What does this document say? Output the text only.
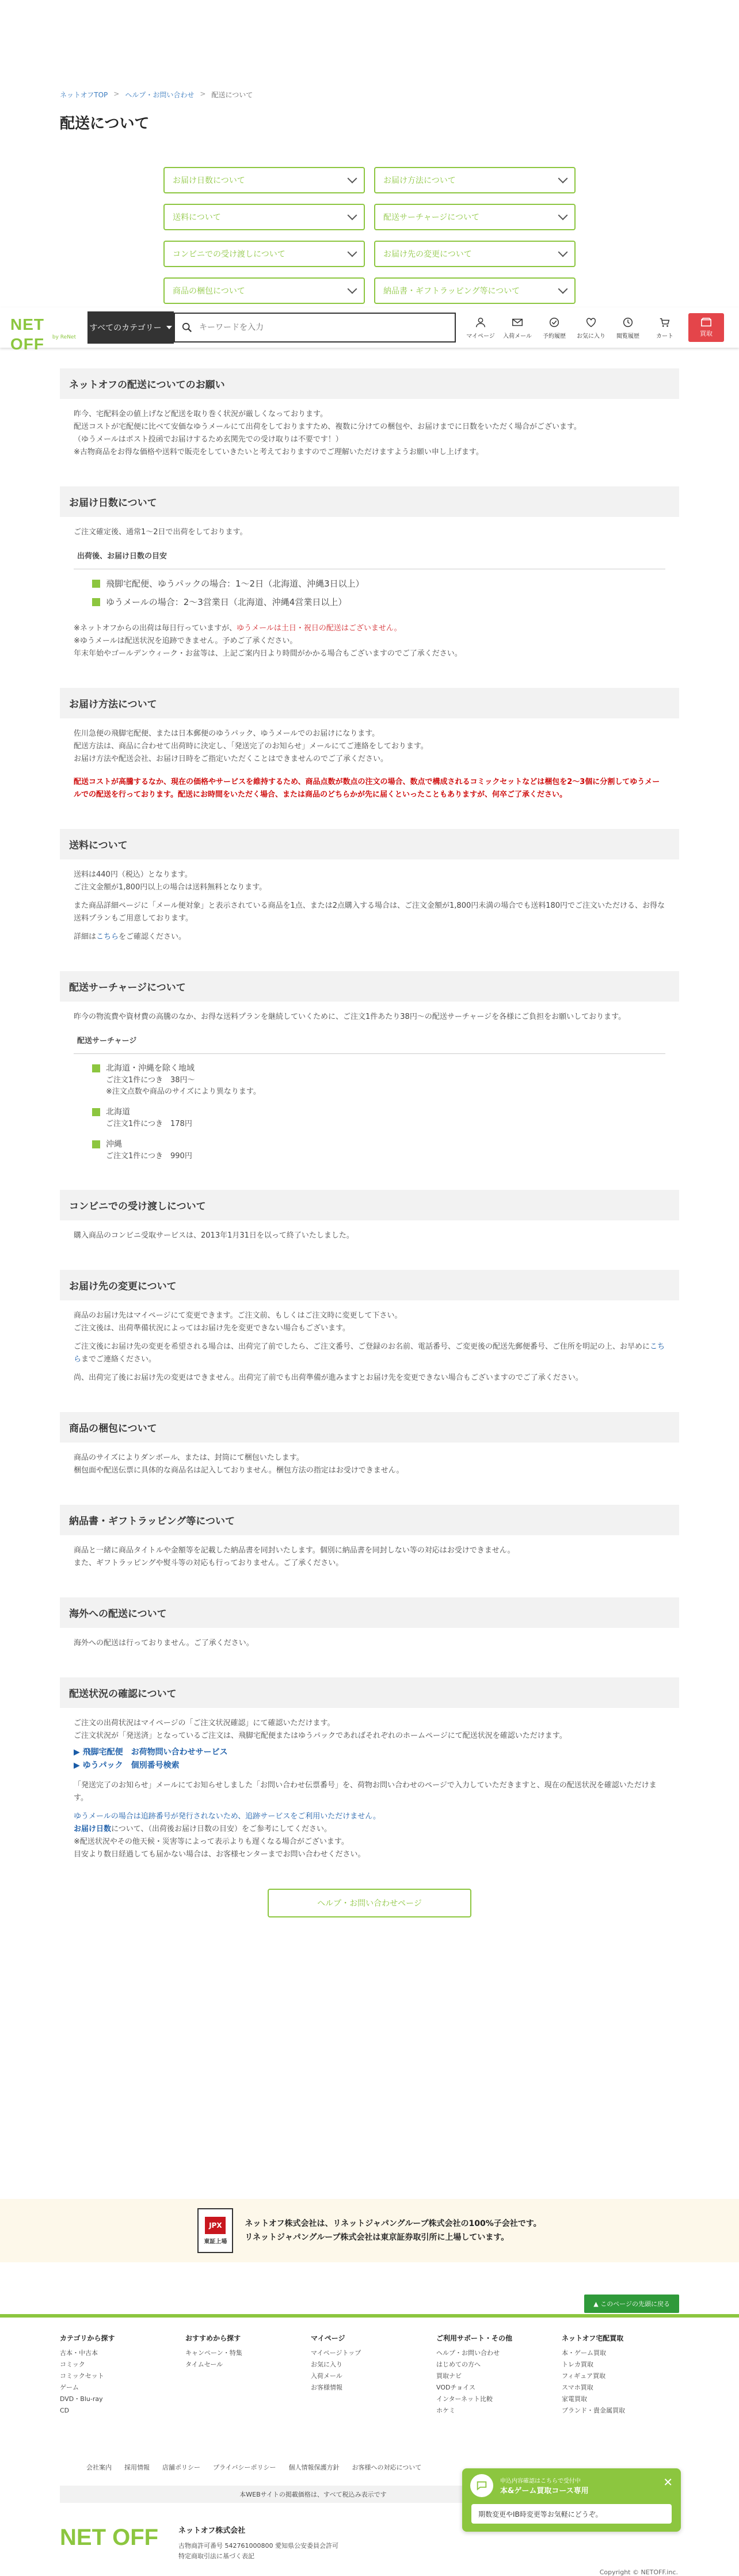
ネットオフTOP > ヘルプ・お問い合わせ > 配送について
配送について
お届け日数について	お届け方法について
送料について	配送サーチャージについて
コンビニでの受け渡しについて	お届け先の変更について
商品の梱包について	納品書・ギフトラッピング等について
NET OFF	by ReNet
すべてのカテゴリー
キーワードを入力
マイページ 入荷メール 予約履歴 お気に入り 閲覧履歴	カート	買取
ネットオフの配送についてのお願い
昨今、宅配料金の値上げなど配送を取り巻く状況が厳しくなっております。
配送コストが宅配便に比べて安価なゆうメールにて出荷をしておりますため、複数に分けての梱包や、お届けまでに日数をいただく場合がございます。
（ゆうメールはポスト投函でお届けするため玄関先での受け取りは不要です！）
※古物商品をお得な価格や送料で販売をしていきたいと考えておりますのでご理解いただけますようお願い申し上げます。
お届け日数について
ご注文確定後、通常1〜2日で出荷をしております。
出荷後、お届け日数の目安
飛脚宅配便、ゆうパックの場合：1〜2日（北海道、沖縄3日以上）
ゆうメールの場合：2〜3営業日（北海道、沖縄4営業日以上）
※ネットオフからの出荷は毎日行っていますが、ゆうメールは土日・祝日の配送はございません。
※ゆうメールは配送状況を追跡できません。予めご了承ください。
年末年始やゴールデンウィーク・お盆等は、上記ご案内日より時間がかかる場合もございますのでご了承ください。
お届け方法について
佐川急便の飛脚宅配便、または日本郵便のゆうパック、ゆうメールでのお届けになります。
配送方法は、商品に合わせて出荷時に決定し、「発送完了のお知らせ」メールにてご連絡をしております。
お届け方法や配送会社、お届け日時をご指定いただくことはできませんのでご了承ください。
配送コストが高騰するなか、現在の価格やサービスを維持するため、商品点数が数点の注文の場合、数点で構成されるコミックセットなどは梱包を2〜3個に分割してゆうメールでの配送を行っております。配送にお時間をいただく場合、または商品のどちらかが先に届くといったこともありますが、何卒ご了承ください。
送料について
送料は440円（税込）となります。

ご注文金額が1,800円以上の場合は送料無料となります。

また商品詳細ページに「メール便対象」と表示されている商品を1点、または2点購入する場合は、ご注文金額が1,800円未満の場合でも送料180円でご注文いただける、お得な送料プランもご用意しております。

詳細はこちらをご確認ください。
配送サーチャージについて
昨今の物流費や資材費の高騰のなか、お得な送料プランを継続していくために、ご注文1件あたり38円〜の配送サーチャージを各様にご負担をお願いしております。
配送サーチャージ
北海道・沖縄を除く地域
ご注文1件につき　38円〜
※注文点数や商品のサイズにより異なります。
北海道
ご注文1件につき　178円
沖縄
ご注文1件につき　990円
コンビニでの受け渡しについて
購入商品のコンビニ受取サービスは、2013年1月31日を以って終了いたしました。
お届け先の変更について
商品のお届け先はマイページにて変更できます。ご注文前、もしくはご注文時に変更して下さい。

ご注文後は、出荷準備状況によってはお届け先を変更できない場合もございます。

ご注文後にお届け先の変更を希望される場合は、出荷完了前でしたら、ご注文番号、ご登録のお名前、電話番号、ご変更後の配送先郵便番号、ご住所を明記の上、お早めにこちらまでご連絡ください。

尚、出荷完了後にお届け先の変更はできません。出荷完了前でも出荷準備が進みますとお届け先を変更できない場合もございますのでご了承ください。
商品の梱包について
商品のサイズによりダンボール、または、封筒にて梱包いたします。
梱包面や配送伝票に具体的な商品名は記入しておりません。梱包方法の指定はお受けできません。
納品書・ギフトラッピング等について
商品と一緒に商品タイトルや金額等を記載した納品書を同封いたします。個別に納品書を同封しない等の対応はお受けできません。
また、ギフトラッピングや熨斗等の対応も行っておりません。ご了承ください。
海外への配送について
海外への配送は行っておりません。ご了承ください。
配送状況の確認について
ご注文の出荷状況はマイページの「ご注文状況確認」にて確認いただけます。
ご注文状況が「発送済」となっているご注文は、飛脚宅配便またはゆうパックであればそれぞれのホームページにて配送状況を確認いただけます。
▶ 飛脚宅配便　お荷物問い合わせサービス
▶ ゆうパック　個別番号検索

「発送完了のお知らせ」メールにてお知らせしました「お問い合わせ伝票番号」を、荷物お問い合わせのページで入力していただきますと、現在の配送状況を確認いただけます。

ゆうメールの場合は追跡番号が発行されないため、追跡サービスをご利用いただけません。
お届け日数について、（出荷後お届け日数の目安）をご参考にしてください。
※配送状況やその他天候・災害等によって表示よりも遅くなる場合がございます。
目安より数日経過しても届かない場合は、お客様センターまでお問い合わせください。
ヘルプ・お問い合わせページ
JPX
東証上場
ネットオフ株式会社は、リネットジャパングループ株式会社の100%子会社です。
リネットジャパングループ株式会社は東京証券取引所に上場しています。
▲ このページの先頭に戻る
カテゴリから探す
古本・中古本
コミック
コミックセット
ゲーム
DVD・Blu-ray
CD
おすすめから探す
キャンペーン・特集
タイムセール
マイページ
マイページトップ
お気に入り
入荷メール
お客様情報
ご利用サポート・その他
ヘルプ・お問い合わせ
はじめての方へ
買取ナビ
VODチョイス
インターネット比較
ホケミ
ネットオフ宅配買取
本・ゲーム買取
トレカ買取
フィギュア買取
スマホ買取
家電買取
ブランド・貴金属買取
会社案内 採用情報 店舗ポリシー プライバシーポリシー 個人情報保護方針 お客様への対応について
本WEBサイトの掲載価格は、すべて税込み表示です
NET OFF	ネットオフ株式会社
古物商許可番号 542761000800 愛知県公安委員会許可
特定商取引法に基づく表記
Copyright © NETOFF.inc.
申込内容確認はこちらで受付中
本&ゲーム買取コース専用
✕
期数変更やIB時変更等お気軽にどうぞ。
